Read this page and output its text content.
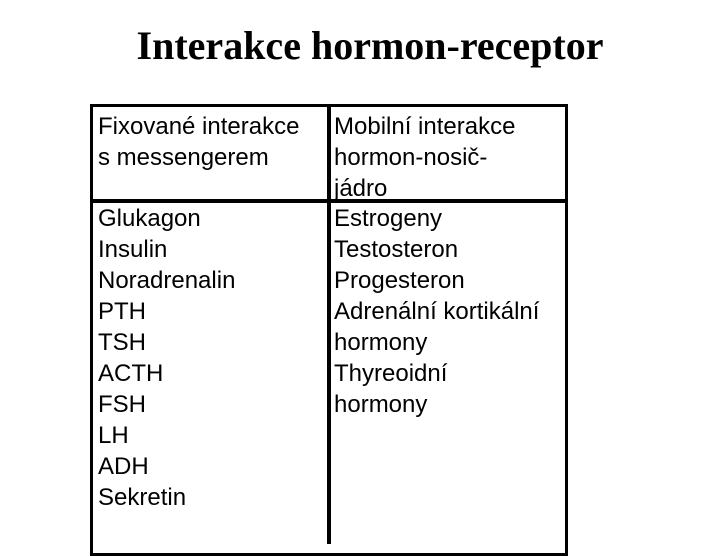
Interakce hormon-receptor
Fixované interakce
s messengerem
Mobilní interakce
hormon-nosič-
jádro
Glukagon
Insulin
Noradrenalin
PTH
TSH
ACTH
FSH
LH
ADH
Sekretin
Estrogeny
Testosteron
Progesteron
Adrenální kortikální
hormony
Thyreoidní
hormony
